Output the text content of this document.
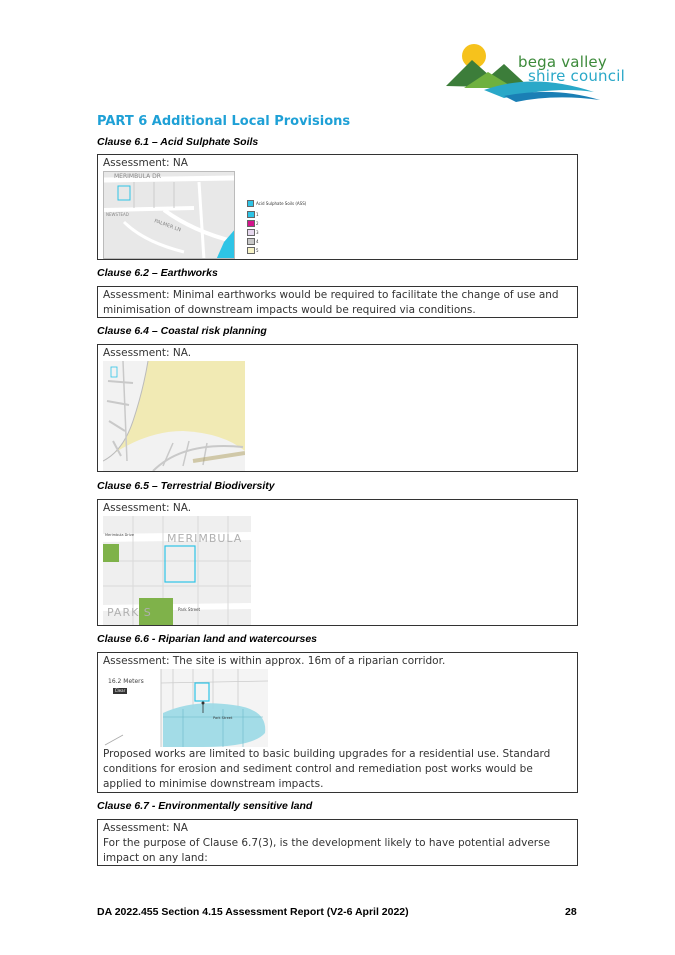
bega valley
shire council
PART 6 Additional Local Provisions
Clause 6.1 – Acid Sulphate Soils
Assessment: NA
MERIMBULA DR
PALMER LN
NEWSTEAD
Acid Sulphate Soils (ASS)
1
2
3
4
5
Clause 6.2 – Earthworks
Assessment: Minimal earthworks would be required to facilitate the change of use and minimisation of downstream impacts would be required via conditions.
Clause 6.4 – Coastal risk planning
Assessment: NA.
Clause 6.5 – Terrestrial Biodiversity
Assessment: NA.
MERIMBULA
PARK S	Park Street
Merimbula Drive
Clause 6.6 - Riparian land and watercourses
Assessment: The site is within approx. 16m of a riparian corridor.
Park Street
16.2 Meters
Clear
Proposed works are limited to basic building upgrades for a residential use. Standard conditions for erosion and sediment control and remediation post works would be applied to minimise downstream impacts.
Clause 6.7 - Environmentally sensitive land
Assessment: NA
For the purpose of Clause 6.7(3), is the development likely to have potential adverse impact on any land:
DA 2022.455 Section 4.15 Assessment Report (V2-6 April 2022)	28
